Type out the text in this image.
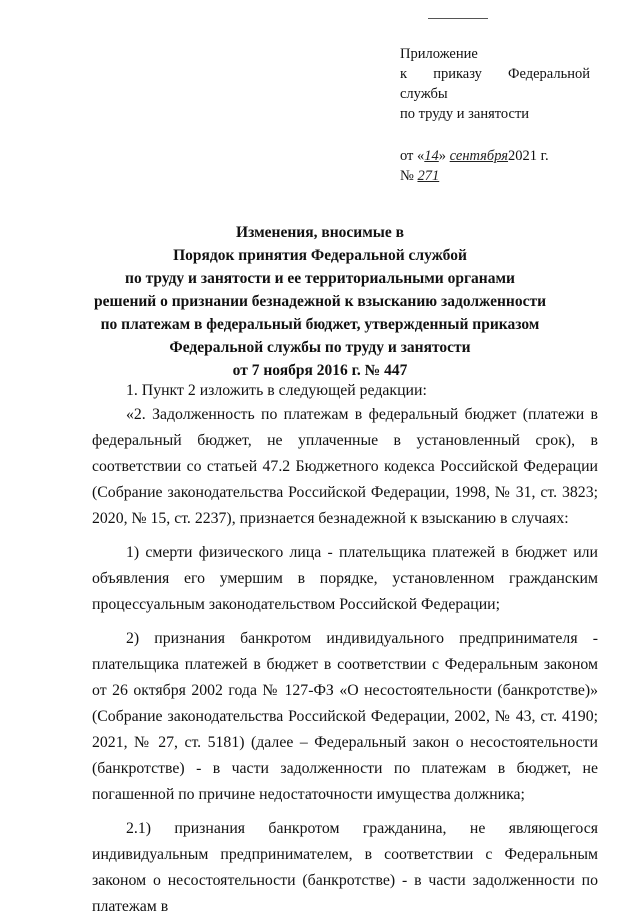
Приложение
к приказу Федеральной
службы
по труду и занятости
от «14» сентября2021 г.
№ 271
Изменения, вносимые в
Порядок принятия Федеральной службой
по труду и занятости и ее территориальными органами
решений о признании безнадежной к взысканию задолженности
по платежам в федеральный бюджет, утвержденный приказом
Федеральной службы по труду и занятости
от 7 ноября 2016 г. № 447

1. Пункт 2 изложить в следующей редакции:

«2. Задолженность по платежам в федеральный бюджет (платежи в федеральный бюджет, не уплаченные в установленный срок), в соответствии со статьей 47.2 Бюджетного кодекса Российской Федерации (Собрание законодательства Российской Федерации, 1998, № 31, ст. 3823; 2020, № 15, ст. 2237), признается безнадежной к взысканию в случаях:

1) смерти физического лица - плательщика платежей в бюджет или объявления его умершим в порядке, установленном гражданским процессуальным законодательством Российской Федерации;

2) признания банкротом индивидуального предпринимателя - плательщика платежей в бюджет в соответствии с Федеральным законом от 26 октября 2002 года № 127-ФЗ «О несостоятельности (банкротстве)» (Собрание законодательства Российской Федерации, 2002, № 43, ст. 4190; 2021, № 27, ст. 5181) (далее – Федеральный закон о несостоятельности (банкротстве) - в части задолженности по платежам в бюджет, не погашенной по причине недостаточности имущества должника;

2.1) признания банкротом гражданина, не являющегося индивидуальным предпринимателем, в соответствии с Федеральным законом о несостоятельности (банкротстве) - в части задолженности по платежам в
